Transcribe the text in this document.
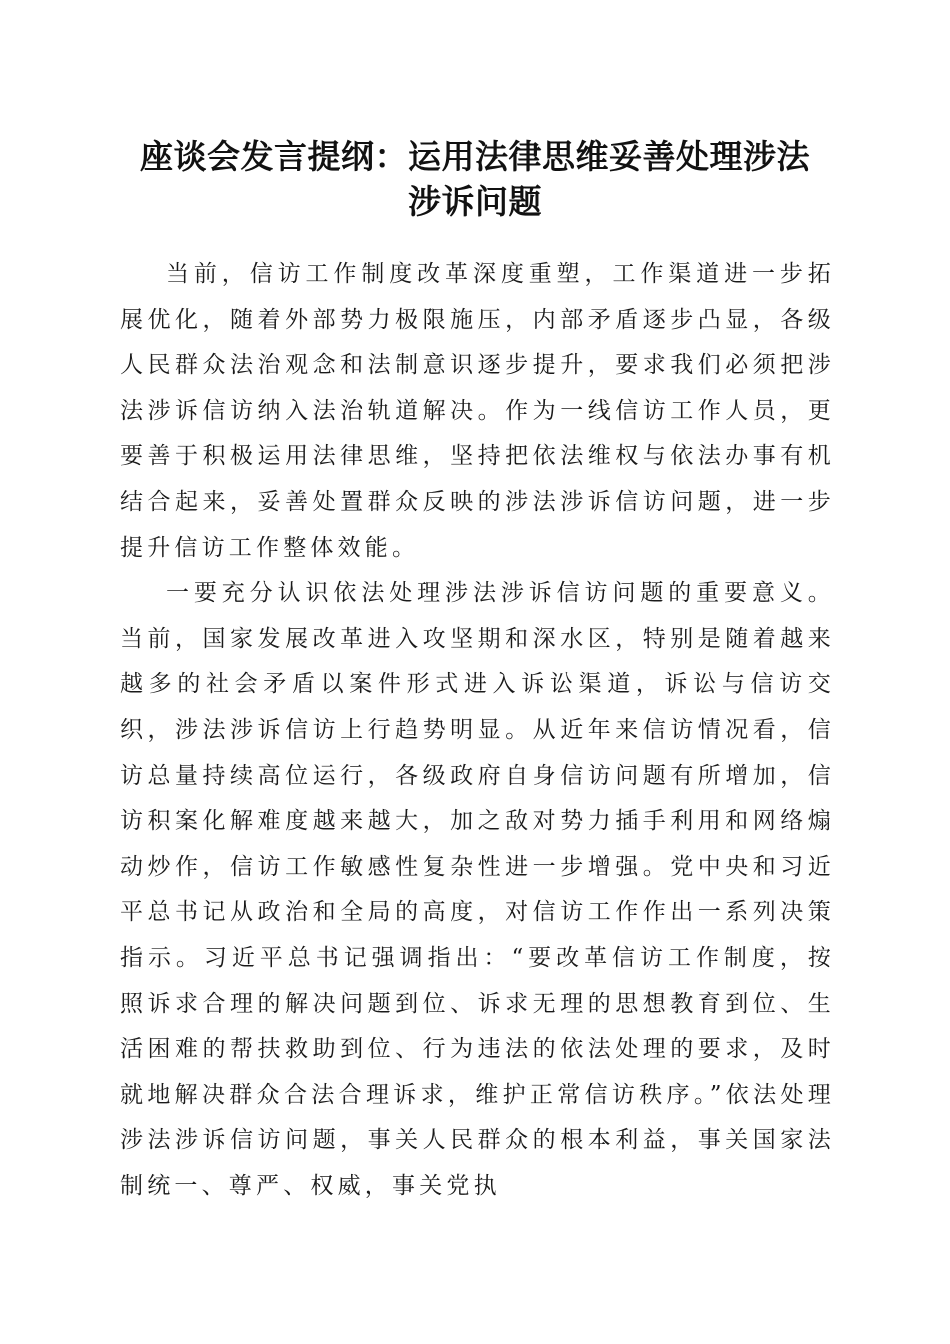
座谈会发言提纲：运用法律思维妥善处理涉法
涉诉问题

当前，信访工作制度改革深度重塑，工作渠道进一步拓展优化，随着外部势力极限施压，内部矛盾逐步凸显，各级人民群众法治观念和法制意识逐步提升，要求我们必须把涉法涉诉信访纳入法治轨道解决。作为一线信访工作人员，更要善于积极运用法律思维，坚持把依法维权与依法办事有机结合起来，妥善处置群众反映的涉法涉诉信访问题，进一步提升信访工作整体效能。

一要充分认识依法处理涉法涉诉信访问题的重要意义。当前，国家发展改革进入攻坚期和深水区，特别是随着越来越多的社会矛盾以案件形式进入诉讼渠道，诉讼与信访交织，涉法涉诉信访上行趋势明显。从近年来信访情况看，信访总量持续高位运行，各级政府自身信访问题有所增加，信访积案化解难度越来越大，加之敌对势力插手利用和网络煽动炒作，信访工作敏感性复杂性进一步增强。党中央和习近平总书记从政治和全局的高度，对信访工作作出一系列决策指示。习近平总书记强调指出：“要改革信访工作制度，按照诉求合理的解决问题到位、诉求无理的思想教育到位、生活困难的帮扶救助到位、行为违法的依法处理的要求，及时就地解决群众合法合理诉求，维护正常信访秩序。”依法处理涉法涉诉信访问题，事关人民群众的根本利益，事关国家法制统一、尊严、权威，事关党执
